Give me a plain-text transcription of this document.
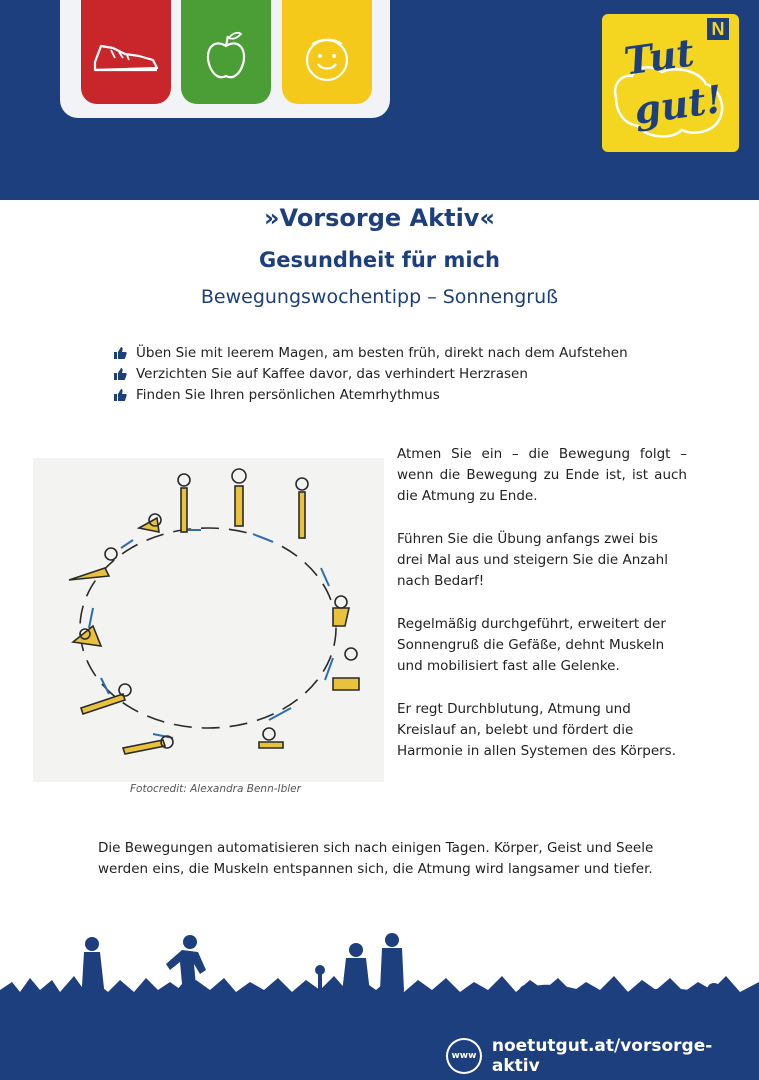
N
Tut
gut!
»Vorsorge Aktiv«
Gesundheit für mich
Bewegungswochentipp – Sonnengruß
Üben Sie mit leerem Magen, am besten früh, direkt nach dem Aufstehen
Verzichten Sie auf Kaffee davor, das verhindert Herzrasen
Finden Sie Ihren persönlichen Atemrhythmus
Fotocredit: Alexandra Benn-Ibler

Atmen Sie ein – die Bewegung folgt – wenn die Bewegung zu Ende ist, ist auch die Atmung zu Ende.

Führen Sie die Übung anfangs zwei bis drei Mal aus und steigern Sie die Anzahl nach Bedarf!

Regelmäßig durchgeführt, erweitert der Sonnengruß die Gefäße, dehnt Muskeln und mobilisiert fast alle Gelenke.

Er regt Durchblutung, Atmung und Kreislauf an, belebt und fördert die Harmonie in allen Systemen des Körpers.

Die Bewegungen automatisieren sich nach einigen Tagen. Körper, Geist und Seele werden eins, die Muskeln entspannen sich, die Atmung wird langsamer und tiefer.
www noetutgut.at/vorsorge-aktiv
